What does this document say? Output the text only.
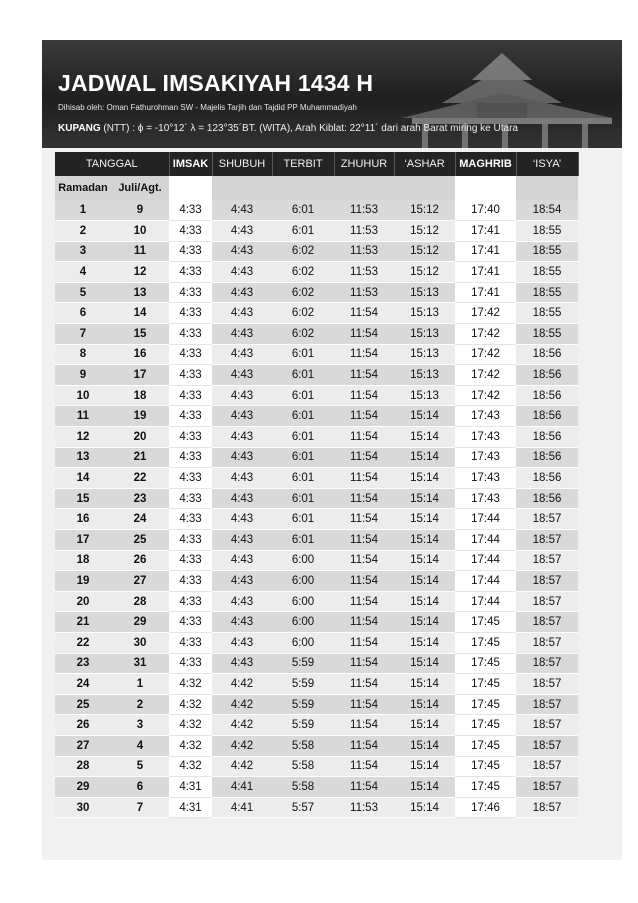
JADWAL IMSAKIYAH 1434 H
Dihisab oleh: Oman Fathurohman SW - Majelis Tarjih dan Tajdid PP Muhammadiyah
KUPANG (NTT) : ϕ = -10°12´ λ = 123°35´BT. (WITA), Arah Kiblat: 22°11´ dari arah Barat miring ke Utara
TANGGAL		IMSAK	SHUBUH	TERBIT	ZHUHUR	‘ASHAR	MAGHRIB	‘ISYA’
Ramadan	Juli/Agt.							
1	9	4:33	4:43	6:01	11:53	15:12	17:40	18:54
2	10	4:33	4:43	6:01	11:53	15:12	17:41	18:55
3	11	4:33	4:43	6:02	11:53	15:12	17:41	18:55
4	12	4:33	4:43	6:02	11:53	15:12	17:41	18:55
5	13	4:33	4:43	6:02	11:53	15:13	17:41	18:55
6	14	4:33	4:43	6:02	11:54	15:13	17:42	18:55
7	15	4:33	4:43	6:02	11:54	15:13	17:42	18:55
8	16	4:33	4:43	6:01	11:54	15:13	17:42	18:56
9	17	4:33	4:43	6:01	11:54	15:13	17:42	18:56
10	18	4:33	4:43	6:01	11:54	15:13	17:42	18:56
11	19	4:33	4:43	6:01	11:54	15:14	17:43	18:56
12	20	4:33	4:43	6:01	11:54	15:14	17:43	18:56
13	21	4:33	4:43	6:01	11:54	15:14	17:43	18:56
14	22	4:33	4:43	6:01	11:54	15:14	17:43	18:56
15	23	4:33	4:43	6:01	11:54	15:14	17:43	18:56
16	24	4:33	4:43	6:01	11:54	15:14	17:44	18:57
17	25	4:33	4:43	6:01	11:54	15:14	17:44	18:57
18	26	4:33	4:43	6:00	11:54	15:14	17:44	18:57
19	27	4:33	4:43	6:00	11:54	15:14	17:44	18:57
20	28	4:33	4:43	6:00	11:54	15:14	17:44	18:57
21	29	4:33	4:43	6:00	11:54	15:14	17:45	18:57
22	30	4:33	4:43	6:00	11:54	15:14	17:45	18:57
23	31	4:33	4:43	5:59	11:54	15:14	17:45	18:57
24	1	4:32	4:42	5:59	11:54	15:14	17:45	18:57
25	2	4:32	4:42	5:59	11:54	15:14	17:45	18:57
26	3	4:32	4:42	5:59	11:54	15:14	17:45	18:57
27	4	4:32	4:42	5:58	11:54	15:14	17:45	18:57
28	5	4:32	4:42	5:58	11:54	15:14	17:45	18:57
29	6	4:31	4:41	5:58	11:54	15:14	17:45	18:57
30	7	4:31	4:41	5:57	11:53	15:14	17:46	18:57
